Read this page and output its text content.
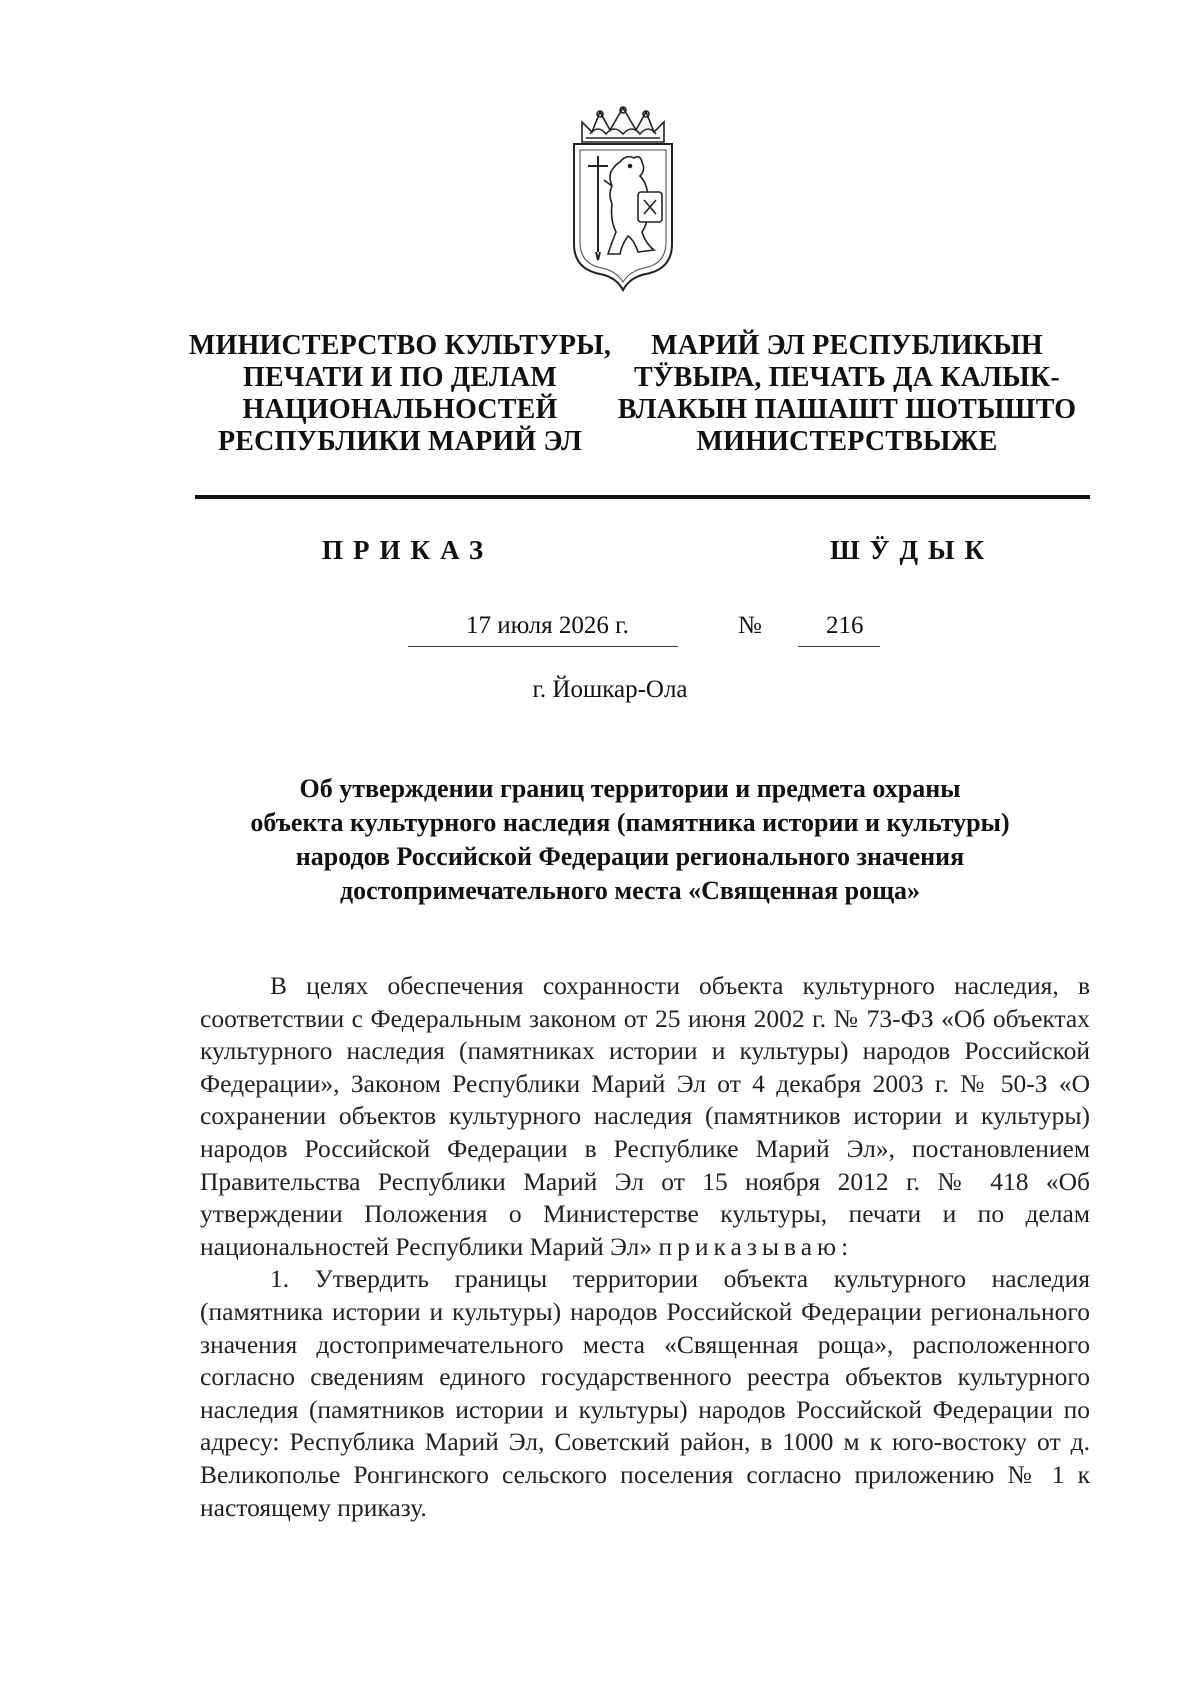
МИНИСТЕРСТВО КУЛЬТУРЫ,
ПЕЧАТИ И ПО ДЕЛАМ
НАЦИОНАЛЬНОСТЕЙ
РЕСПУБЛИКИ МАРИЙ ЭЛ
МАРИЙ ЭЛ РЕСПУБЛИКЫН
ТӰВЫРА, ПЕЧАТЬ ДА КАЛЫК-
ВЛАКЫН ПАШАШТ ШОТЫШТО
МИНИСТЕРСТВЫЖЕ
ПРИКАЗ	ШӰДЫК
17 июля 2026 г.	№	216
г. Йошкар-Ола
Об утверждении границ территории и предмета охраны
объекта культурного наследия (памятника истории и культуры)
народов Российской Федерации регионального значения
достопримечательного места «Священная роща»

В целях обеспечения сохранности объекта культурного наследия, в соответствии с Федеральным законом от 25 июня 2002 г. № 73-ФЗ «Об объектах культурного наследия (памятниках истории и культуры) народов Российской Федерации», Законом Республики Марий Эл от 4 декабря 2003 г. № 50-З «О сохранении объектов культурного наследия (памятников истории и культуры) народов Российской Федерации в Республике Марий Эл», постановлением Правительства Республики Марий Эл от 15 ноября 2012 г. № 418 «Об утверждении Положения о Министерстве культуры, печати и по делам национальностей Республики Марий Эл» приказываю:

1. Утвердить границы территории объекта культурного наследия (памятника истории и культуры) народов Российской Федерации регионального значения достопримечательного места «Священная роща», расположенного согласно сведениям единого государственного реестра объектов культурного наследия (памятников истории и культуры) народов Российской Федерации по адресу: Республика Марий Эл, Советский район, в 1000 м к юго-востоку от д. Великополье Ронгинского сельского поселения согласно приложению № 1 к настоящему приказу.
